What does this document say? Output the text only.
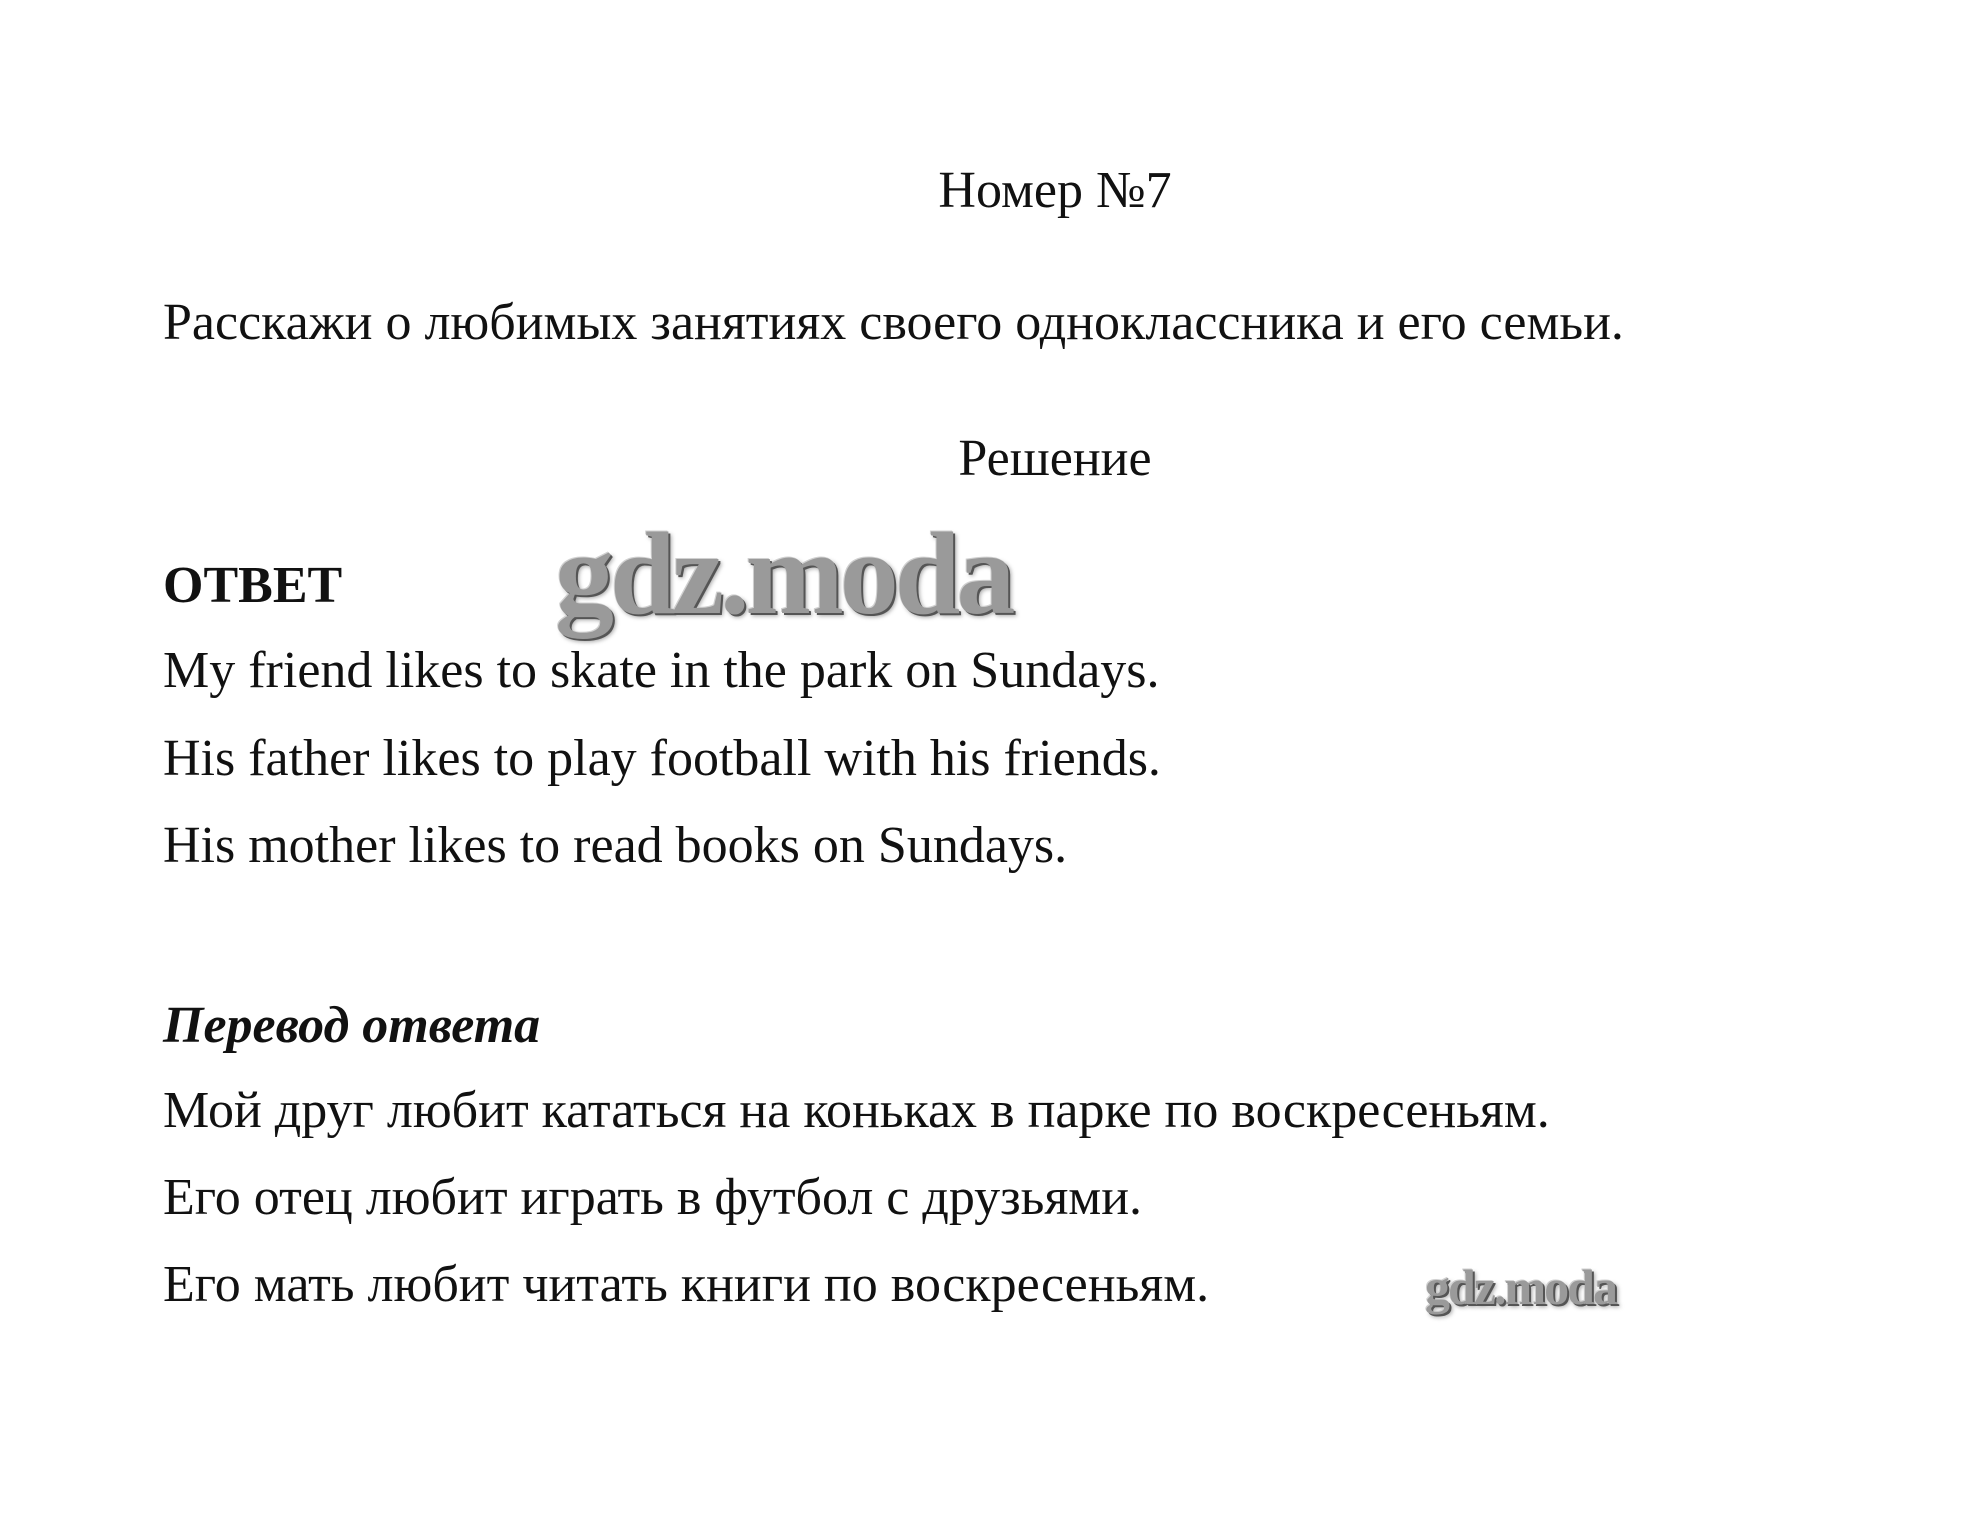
Номер №7
Расскажи о любимых занятиях своего одноклассника и его семьи.
Решение
ОТВЕТ gdz.moda
My friend likes to skate in the park on Sundays.
His father likes to play football with his friends.
His mother likes to read books on Sundays.
Перевод ответа
Мой друг любит кататься на коньках в парке по воскресеньям.
Его отец любит играть в футбол с друзьями.
Его мать любит читать книги по воскресеньям.	gdz.moda
